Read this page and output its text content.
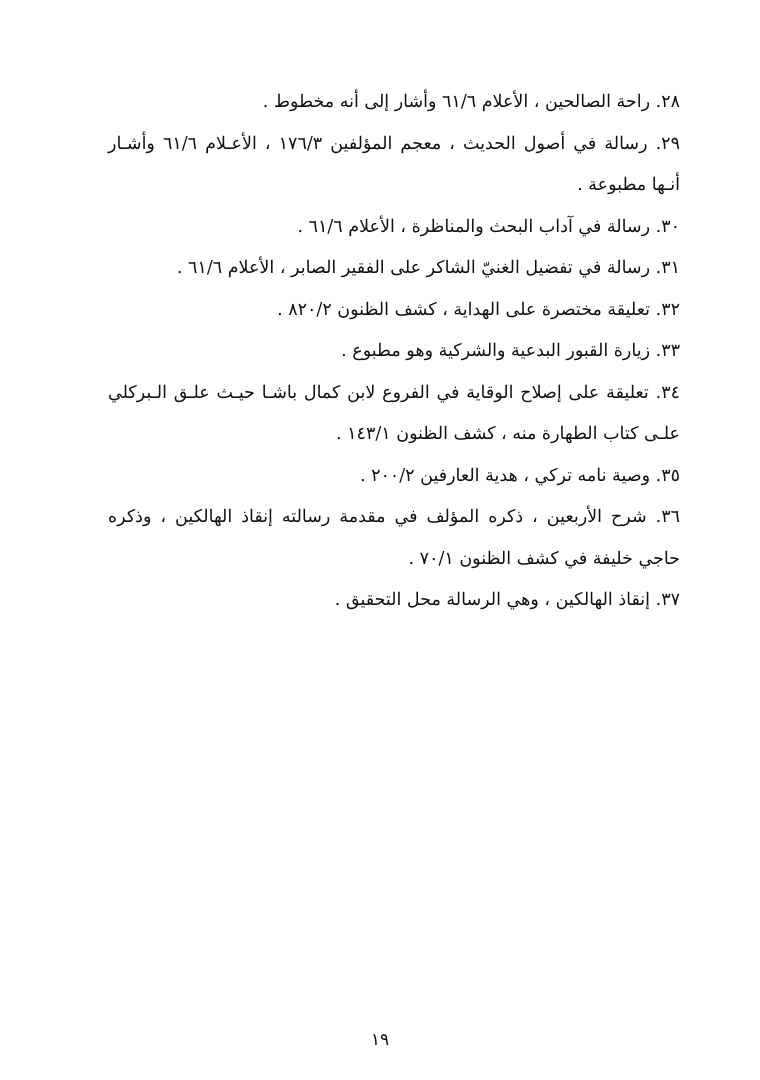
٢٨. راحة الصالحين ، الأعلام ٦١/٦ وأشار إلى أنه مخطوط .

٢٩. رسالة في أصول الحديث ، معجم المؤلفين ١٧٦/٣ ، الأعـلام ٦١/٦ وأشـار أنـها مطبوعة .

٣٠. رسالة في آداب البحث والمناظرة ، الأعلام ٦١/٦ .

٣١. رسالة في تفضيل الغنيّ الشاكر على الفقير الصابر ، الأعلام ٦١/٦ .

٣٢. تعليقة مختصرة على الهداية ، كشف الظنون ٨٢٠/٢ .

٣٣. زيارة القبور البدعية والشركية وهو مطبوع .

٣٤. تعليقة على إصلاح الوقاية في الفروع لابن كمال باشـا حيـث علـق الـبركلي علـى كتاب الطهارة منه ، كشف الظنون ١٤٣/١ .

٣٥. وصية نامه تركي ، هدية العارفين ٢٠٠/٢ .

٣٦. شرح الأربعين ، ذكره المؤلف في مقدمة رسالته إنقاذ الهالكين ، وذكره حاجي خليفة في كشف الظنون ٧٠/١ .

٣٧. إنقاذ الهالكين ، وهي الرسالة محل التحقيق .

١٩
